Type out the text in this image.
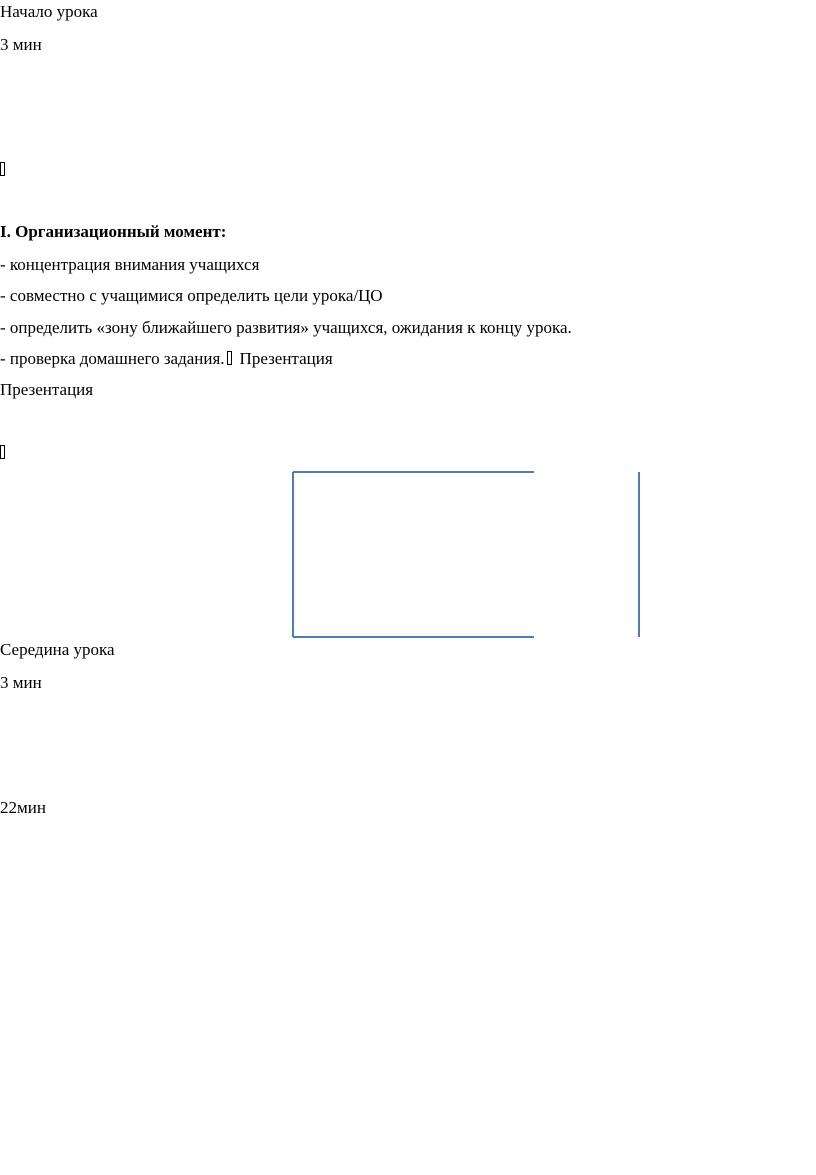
Начало урока
3 мин
I. Организационный момент:
- концентрация внимания учащихся
- совместно с учащимися определить цели урока/ЦО
- определить «зону ближайшего развития» учащихся, ожидания к концу урока.
- проверка домашнего задания. Презентация
Презентация
Середина урока
3 мин
22мин
